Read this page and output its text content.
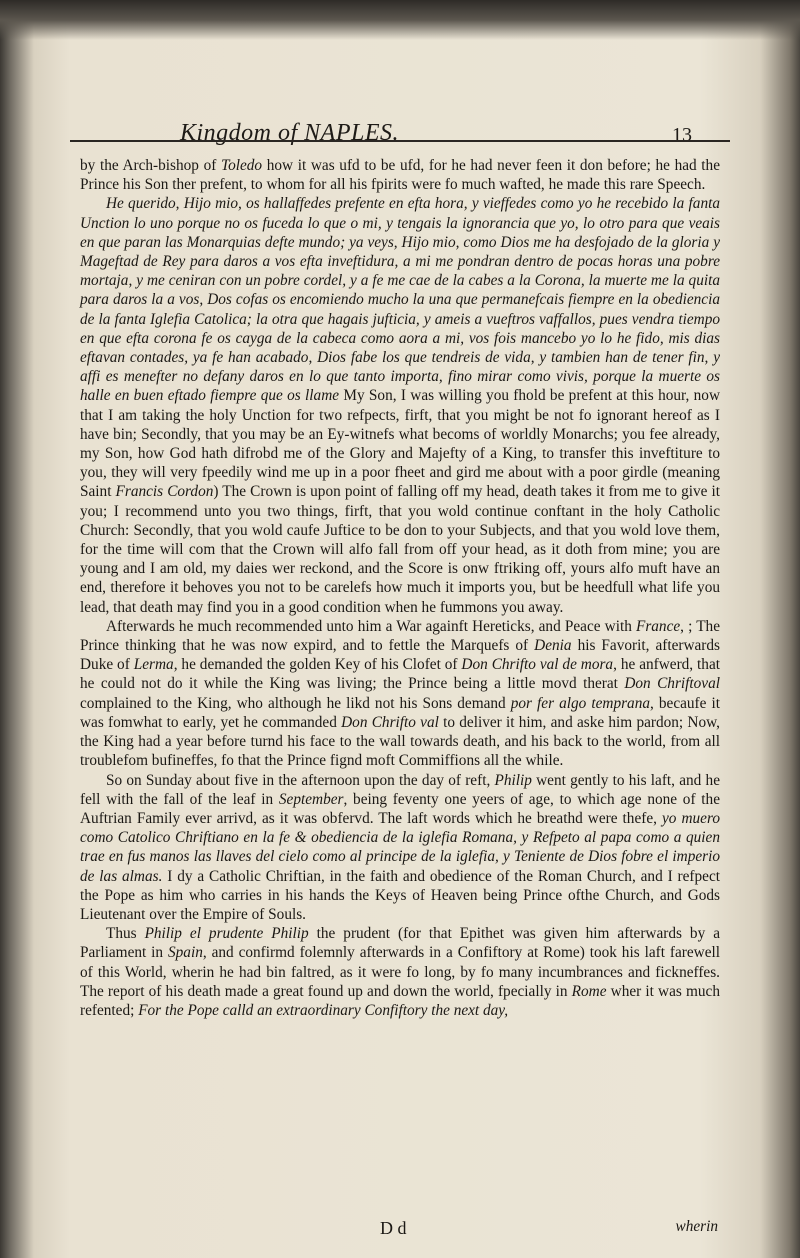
Kingdom of NAPLES.	13

by the Arch-bishop of Toledo how it was ufd to be ufd, for he had never feen it don before; he had the Prince his Son ther prefent, to whom for all his fpirits were fo much wafted, he made this rare Speech.

He querido, Hijo mio, os hallaffedes prefente en efta hora, y vieffedes como yo he recebido la fanta Unction lo uno porque no os fuceda lo que o mi, y tengais la ignorancia que yo, lo otro para que veais en que paran las Monarquias defte mundo; ya veys, Hijo mio, como Dios me ha desfojado de la gloria y Mageftad de Rey para daros a vos efta inveftidura, a mi me pondran dentro de pocas horas una pobre mortaja, y me ceniran con un pobre cordel, y a fe me cae de la cabes a la Corona, la muerte me la quita para daros la a vos, Dos cofas os encomiendo mucho la una que permanefcais fiempre en la obediencia de la fanta Iglefia Catolica; la otra que hagais jufticia, y ameis a vueftros vaffallos, pues vendra tiempo en que efta corona fe os cayga de la cabeca como aora a mi, vos fois mancebo yo lo he fido, mis dias eftavan contades, ya fe han acabado, Dios fabe los que tendreis de vida, y tambien han de tener fin, y affi es menefter no defany daros en lo que tanto importa, fino mirar como vivis, porque la muerte os halle en buen eftado fiempre que os llame My Son, I was willing you fhold be prefent at this hour, now that I am taking the holy Unction for two refpects, firft, that you might be not fo ignorant hereof as I have bin; Secondly, that you may be an Ey-witnefs what becoms of worldly Monarchs; you fee already, my Son, how God hath difrobd me of the Glory and Majefty of a King, to transfer this inveftiture to you, they will very fpeedily wind me up in a poor fheet and gird me about with a poor girdle (meaning Saint Francis Cordon) The Crown is upon point of falling off my head, death takes it from me to give it you; I recommend unto you two things, firft, that you wold continue conftant in the holy Catholic Church: Secondly, that you wold caufe Juftice to be don to your Subjects, and that you wold love them, for the time will com that the Crown will alfo fall from off your head, as it doth from mine; you are young and I am old, my daies wer reckond, and the Score is onw ftriking off, yours alfo muft have an end, therefore it behoves you not to be carelefs how much it imports you, but be heedfull what life you lead, that death may find you in a good condition when he fummons you away.

Afterwards he much recommended unto him a War againft Hereticks, and Peace with France, ; The Prince thinking that he was now expird, and to fettle the Marquefs of Denia his Favorit, afterwards Duke of Lerma, he demanded the golden Key of his Clofet of Don Chrifto val de mora, he anfwerd, that he could not do it while the King was living; the Prince being a little movd therat Don Chriftoval complained to the King, who although he likd not his Sons demand por fer algo temprana, becaufe it was fomwhat to early, yet he commanded Don Chrifto val to deliver it him, and aske him pardon; Now, the King had a year before turnd his face to the wall towards death, and his back to the world, from all troublefom bufineffes, fo that the Prince fignd moft Commiffions all the while.

So on Sunday about five in the afternoon upon the day of reft, Philip went gently to his laft, and he fell with the fall of the leaf in September, being feventy one yeers of age, to which age none of the Auftrian Family ever arrivd, as it was obfervd. The laft words which he breathd were thefe, yo muero como Catolico Chriftiano en la fe & obediencia de la iglefia Romana, y Refpeto al papa como a quien trae en fus manos las llaves del cielo como al principe de la iglefia, y Teniente de Dios fobre el imperio de las almas. I dy a Catholic Chriftian, in the faith and obedience of the Roman Church, and I refpect the Pope as him who carries in his hands the Keys of Heaven being Prince ofthe Church, and Gods Lieutenant over the Empire of Souls.

Thus Philip el prudente Philip the prudent (for that Epithet was given him afterwards by a Parliament in Spain, and confirmd folemnly afterwards in a Confiftory at Rome) took his laft farewell of this World, wherin he had bin faltred, as it were fo long, by fo many incumbrances and fickneffes. The report of his death made a great found up and down the world, fpecially in Rome wher it was much refented; For the Pope calld an extraordinary Confiftory the next day,

D d	wherin
